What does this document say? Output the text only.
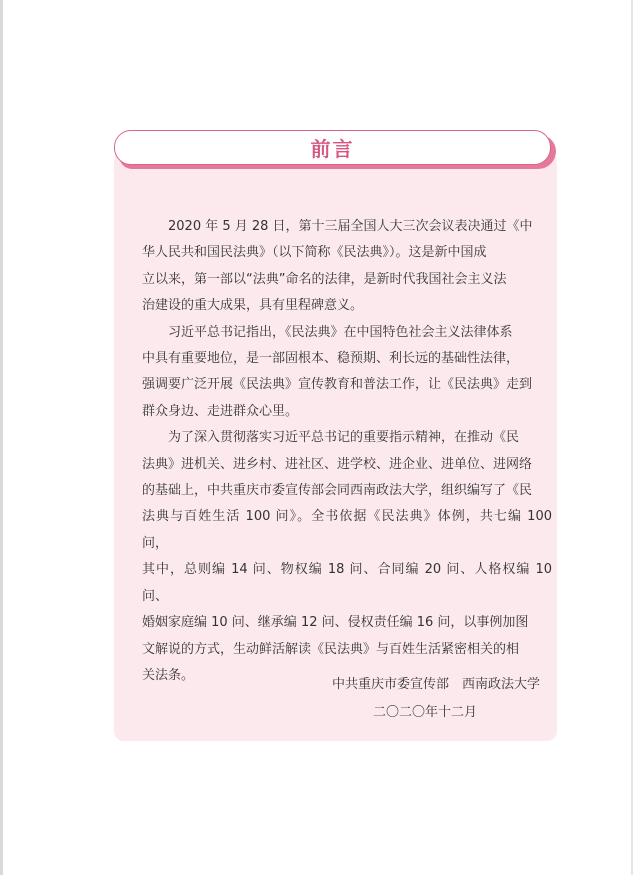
前言

2020 年 5 月 28 日，第十三届全国人大三次会议表决通过《中
华人民共和国民法典》（以下简称《民法典》）。这是新中国成
立以来，第一部以“法典”命名的法律，是新时代我国社会主义法
治建设的重大成果，具有里程碑意义。

习近平总书记指出，《民法典》在中国特色社会主义法律体系
中具有重要地位，是一部固根本、稳预期、利长远的基础性法律，
强调要广泛开展《民法典》宣传教育和普法工作，让《民法典》走到
群众身边、走进群众心里。

为了深入贯彻落实习近平总书记的重要指示精神，在推动《民
法典》进机关、进乡村、进社区、进学校、进企业、进单位、进网络
的基础上，中共重庆市委宣传部会同西南政法大学，组织编写了《民
法典与百姓生活 100 问》。全书依据《民法典》体例，共七编 100 问，
其中，总则编 14 问、物权编 18 问、合同编 20 问、人格权编 10 问、
婚姻家庭编 10 问、继承编 12 问、侵权责任编 16 问，以事例加图
文解说的方式，生动鲜活解读《民法典》与百姓生活紧密相关的相
关法条。

中共重庆市委宣传部　西南政法大学
二〇二〇年十二月
